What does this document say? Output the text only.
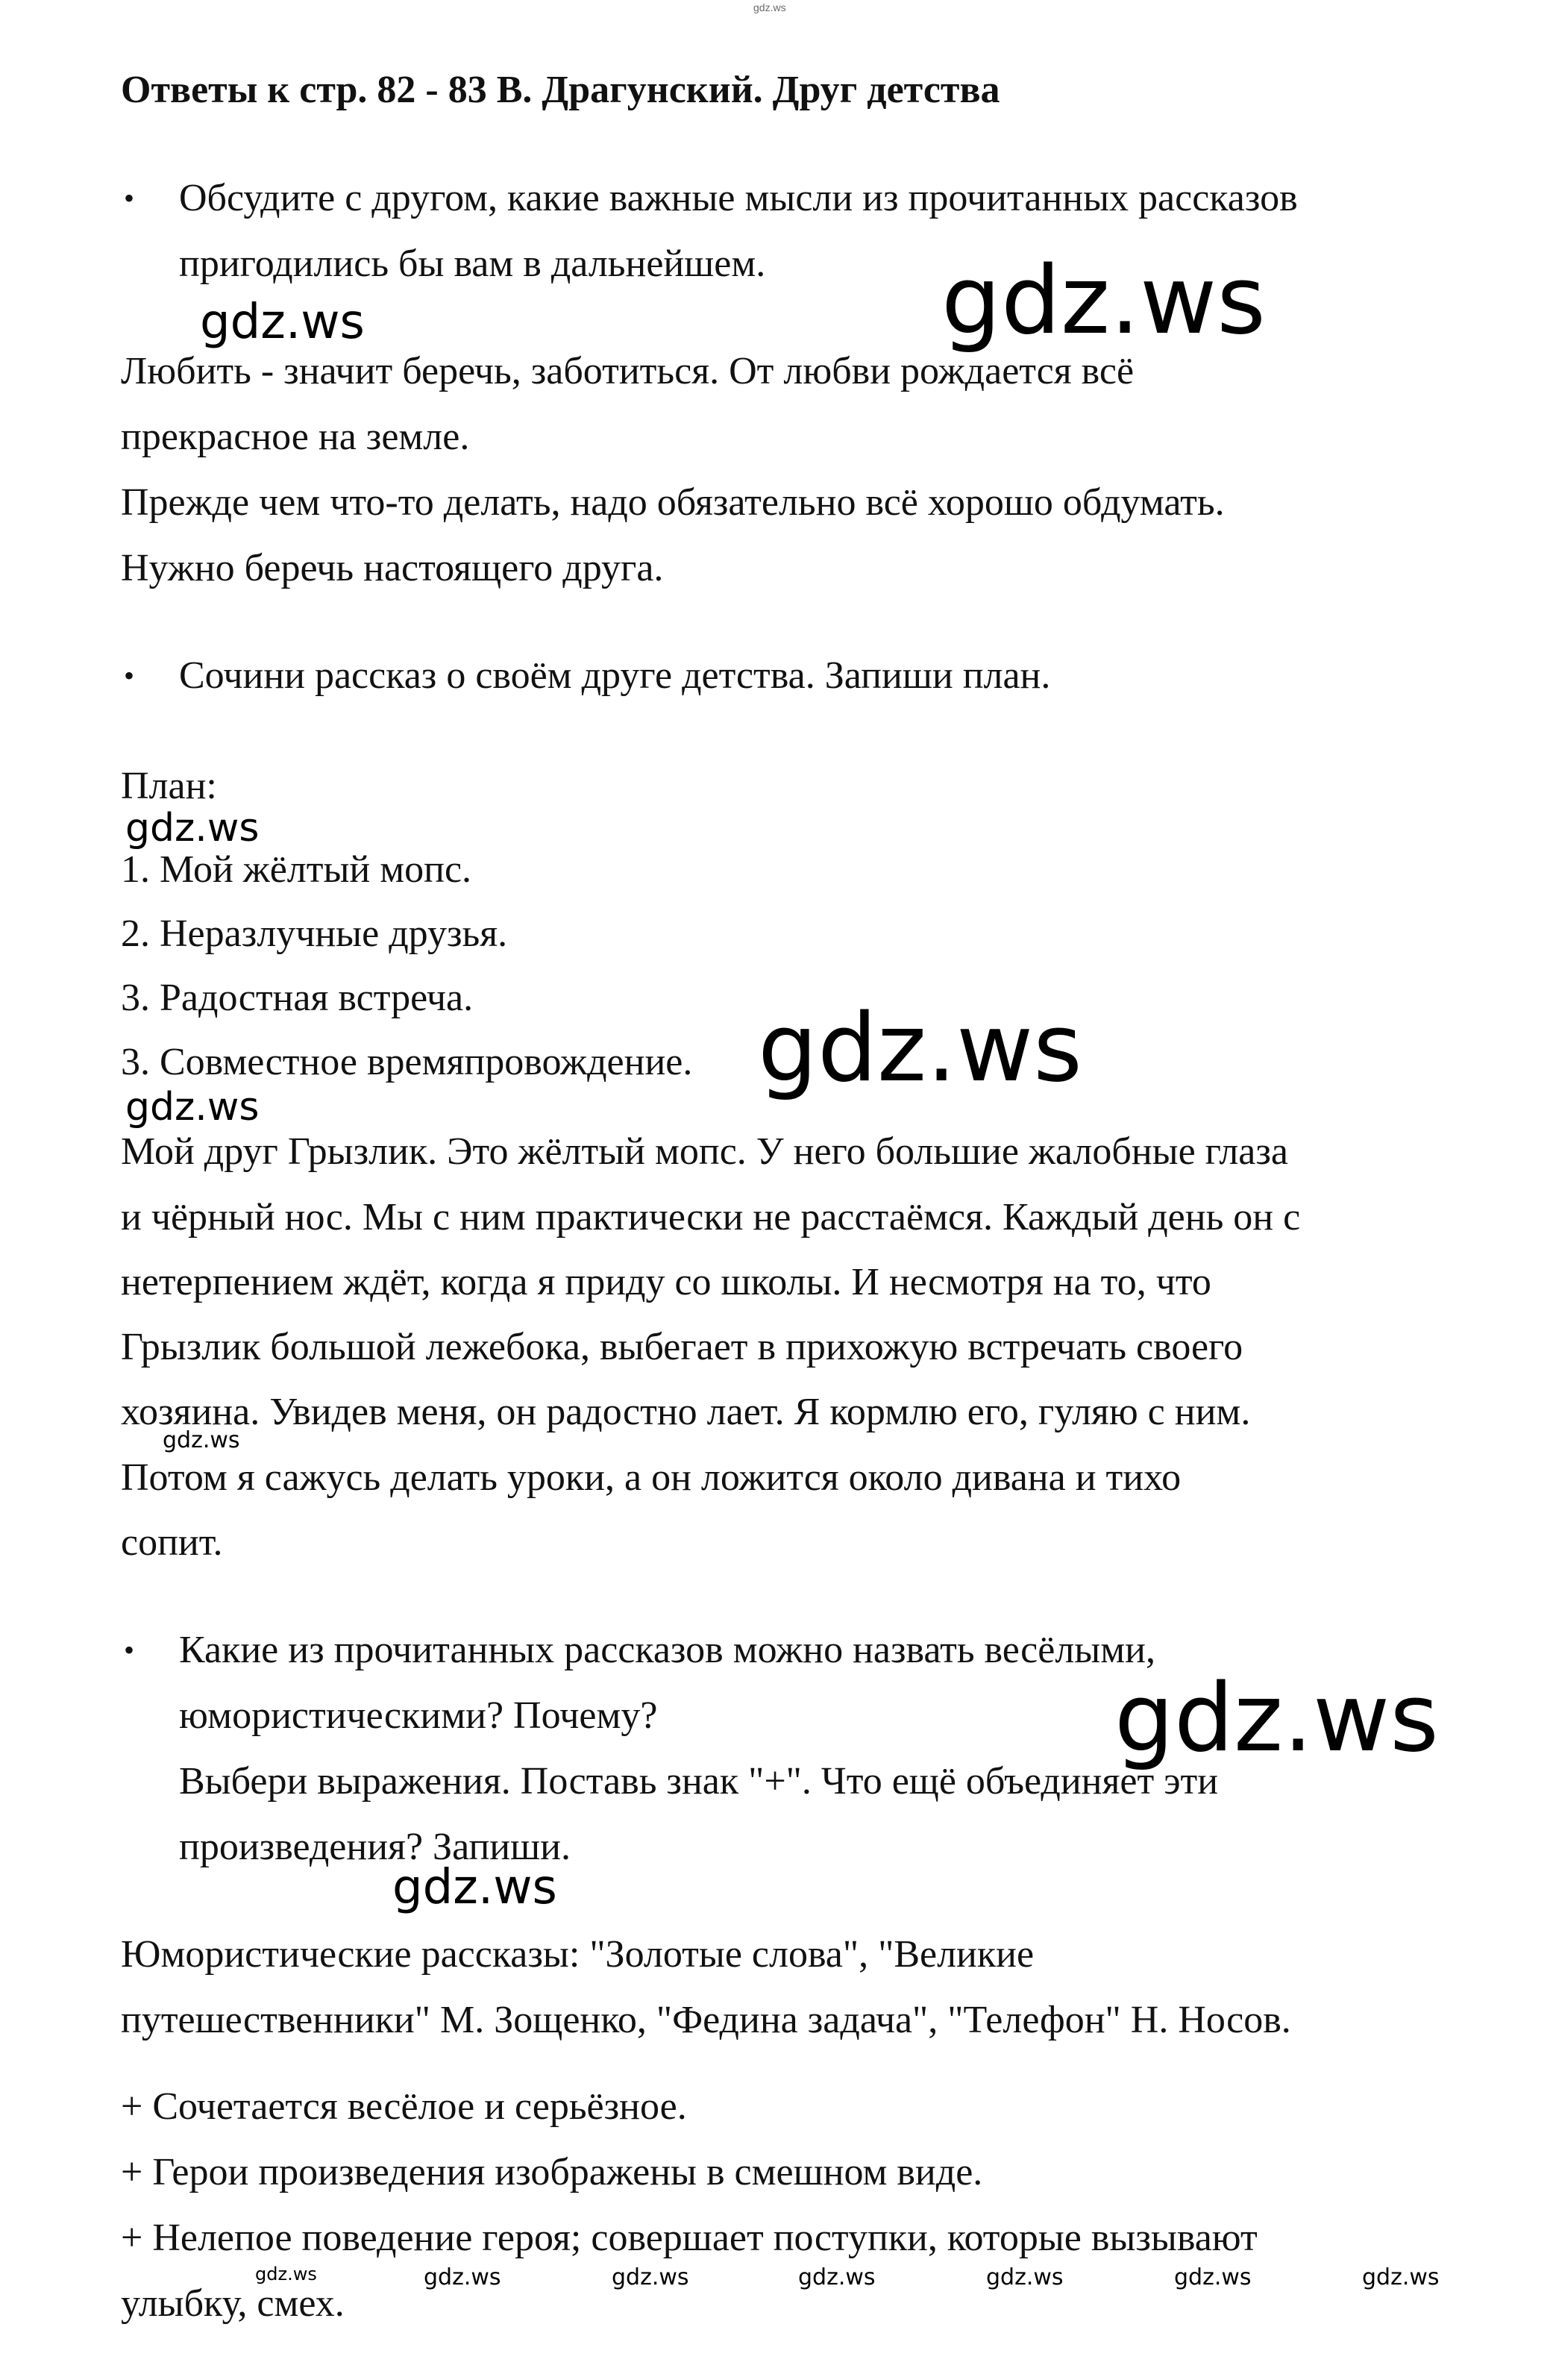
gdz.ws
Ответы к стр. 82 - 83 В. Драгунский. Друг детства
• Обсудите с другом, какие важные мысли из прочитанных рассказов
пригодились бы вам в дальнейшем.
Любить - значит беречь, заботиться. От любви рождается всё
прекрасное на земле.
Прежде чем что-то делать, надо обязательно всё хорошо обдумать.
Нужно беречь настоящего друга.
• Сочини рассказ о своём друге детства. Запиши план.
План:
1. Мой жёлтый мопс.
2. Неразлучные друзья.
3. Радостная встреча.
3. Совместное времяпровождение.
Мой друг Грызлик. Это жёлтый мопс. У него большие жалобные глаза
и чёрный нос. Мы с ним практически не расстаёмся. Каждый день он с
нетерпением ждёт, когда я приду со школы. И несмотря на то, что
Грызлик большой лежебока, выбегает в прихожую встречать своего
хозяина. Увидев меня, он радостно лает. Я кормлю его, гуляю с ним.
Потом я сажусь делать уроки, а он ложится около дивана и тихо
сопит.
• Какие из прочитанных рассказов можно назвать весёлыми,
юмористическими? Почему?
Выбери выражения. Поставь знак "+". Что ещё объединяет эти
произведения? Запиши.
Юмористические рассказы: "Золотые слова", "Великие
путешественники" М. Зощенко, "Федина задача", "Телефон" Н. Носов.
+ Сочетается весёлое и серьёзное.
+ Герои произведения изображены в смешном виде.
+ Нелепое поведение героя; совершает поступки, которые вызывают
улыбку, смех.
gdz.ws
gdz.ws
gdz.ws
gdz.ws
gdz.ws
gdz.ws
gdz.ws
gdz.ws
gdz.ws	gdz.ws	gdz.ws	gdz.ws	gdz.ws	gdz.ws	gdz.ws
